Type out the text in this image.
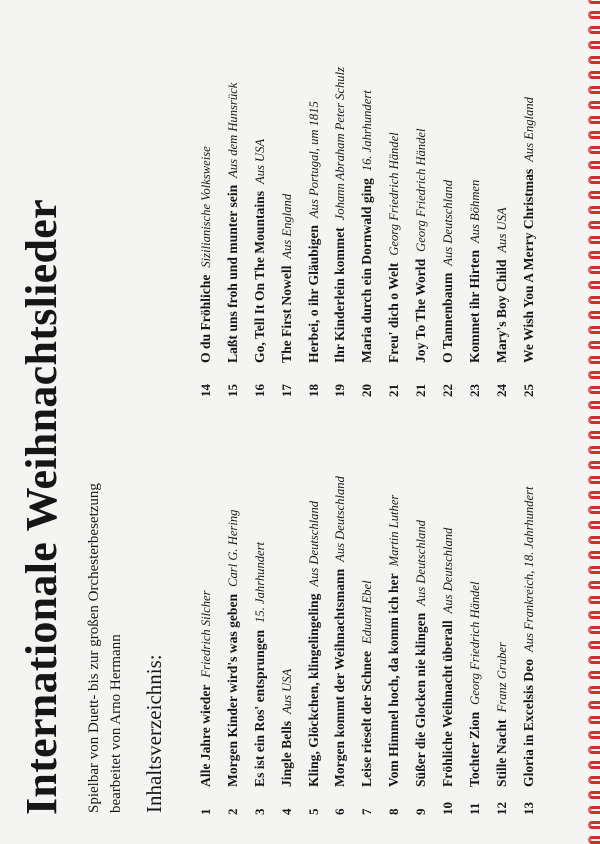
Internationale Weihnachtslieder Spielbar von Duett- bis zur großen Orchesterbesetzung bearbeitet von Arno Hermann Inhaltsverzeichnis:	1
Alle Jahre wieder
Friedrich Silcher
2
Morgen Kinder wird's was geben
Carl G. Hering
3
Es ist ein Ros' entsprungen
15. Jahrhundert
4
Jingle Bells
Aus USA
5
Kling, Glöckchen, klingelingeling
Aus Deutschland
6
Morgen kommt der Weihnachtsmann
Aus Deutschland
7
Leise rieselt der Schnee
Eduard Ebel
8
Vom Himmel hoch, da komm ich her
Martin Luther
9
Süßer die Glocken nie klingen
Aus Deutschland
10
Fröhliche Weihnacht überall
Aus Deutschland
11
Tochter Zion
Georg Friedrich Händel
12
Stille Nacht
Franz Gruber
13
Gloria in Excelsis Deo
Aus Frankreich, 18. Jahrhundert
14
O du Fröhliche
Sizilianische Volksweise
15
Laßt uns froh und munter sein
Aus dem Hunsrück
16
Go, Tell It On The Mountains
Aus USA
17
The First Nowell
Aus England
18
Herbei, o ihr Gläubigen
Aus Portugal, um 1815
19
Ihr Kinderlein kommet
Johann Abraham Peter Schulz
20
Maria durch ein Dornwald ging
16. Jahrhundert
21
Freu' dich o Welt
Georg Friedrich Händel
21
Joy To The World
Georg Friedrich Händel
22
O Tannenbaum
Aus Deutschland
23
Kommet ihr Hirten
Aus Böhmen
24
Mary's Boy Child
Aus USA
25
We Wish You A Merry Christmas
Aus England
